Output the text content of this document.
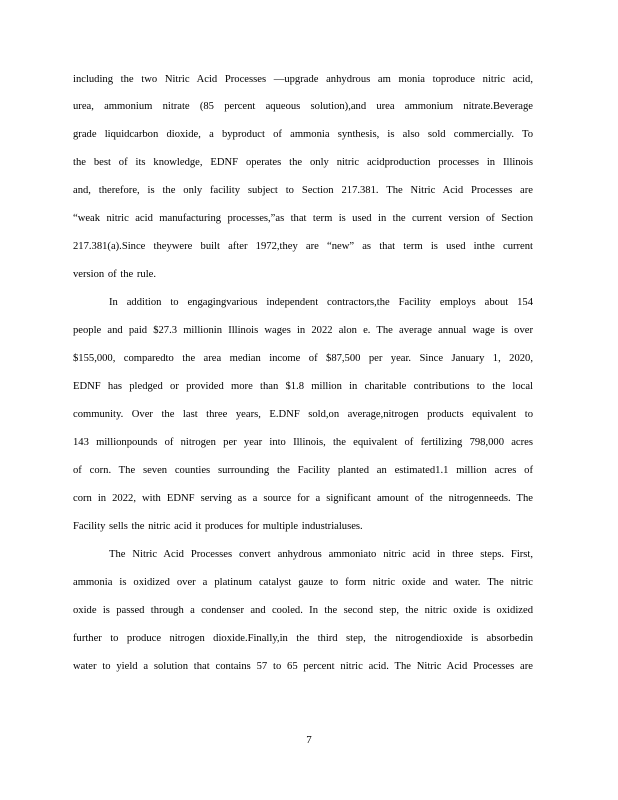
including the two Nitric Acid Processes —upgrade anhydrous am monia toproduce nitric acid,
urea, ammonium nitrate (85 percent aqueous solution),and urea ammonium nitrate.Beverage
grade liquidcarbon dioxide, a byproduct of ammonia synthesis, is also sold commercially. To
the best of its knowledge, EDNF operates the only nitric acidproduction processes in Illinois
and, therefore, is the only facility subject to Section 217.381. The Nitric Acid Processes are
“weak nitric acid manufacturing processes,”as that term is used in the current version of Section
217.381(a).Since theywere built after 1972,they are “new” as that term is used inthe current
version of the rule.
In addition to engagingvarious independent contractors,the Facility employs about 154
people and paid $27.3 millionin Illinois wages in 2022 alon e. The average annual wage is over
$155,000, comparedto the area median income of $87,500 per year. Since January 1, 2020,
EDNF has pledged or provided more than $1.8 million in charitable contributions to the local
community. Over the last three years, E.DNF sold,on average,nitrogen products equivalent to
143 millionpounds of nitrogen per year into Illinois, the equivalent of fertilizing 798,000 acres
of corn. The seven counties surrounding the Facility planted an estimated1.1 million acres of
corn in 2022, with EDNF serving as a source for a significant amount of the nitrogenneeds. The
Facility sells the nitric acid it produces for multiple industrialuses.
The Nitric Acid Processes convert anhydrous ammoniato nitric acid in three steps. First,
ammonia is oxidized over a platinum catalyst gauze to form nitric oxide and water. The nitric
oxide is passed through a condenser and cooled. In the second step, the nitric oxide is oxidized
further to produce nitrogen dioxide.Finally,in the third step, the nitrogendioxide is absorbedin
water to yield a solution that contains 57 to 65 percent nitric acid. The Nitric Acid Processes are
7
